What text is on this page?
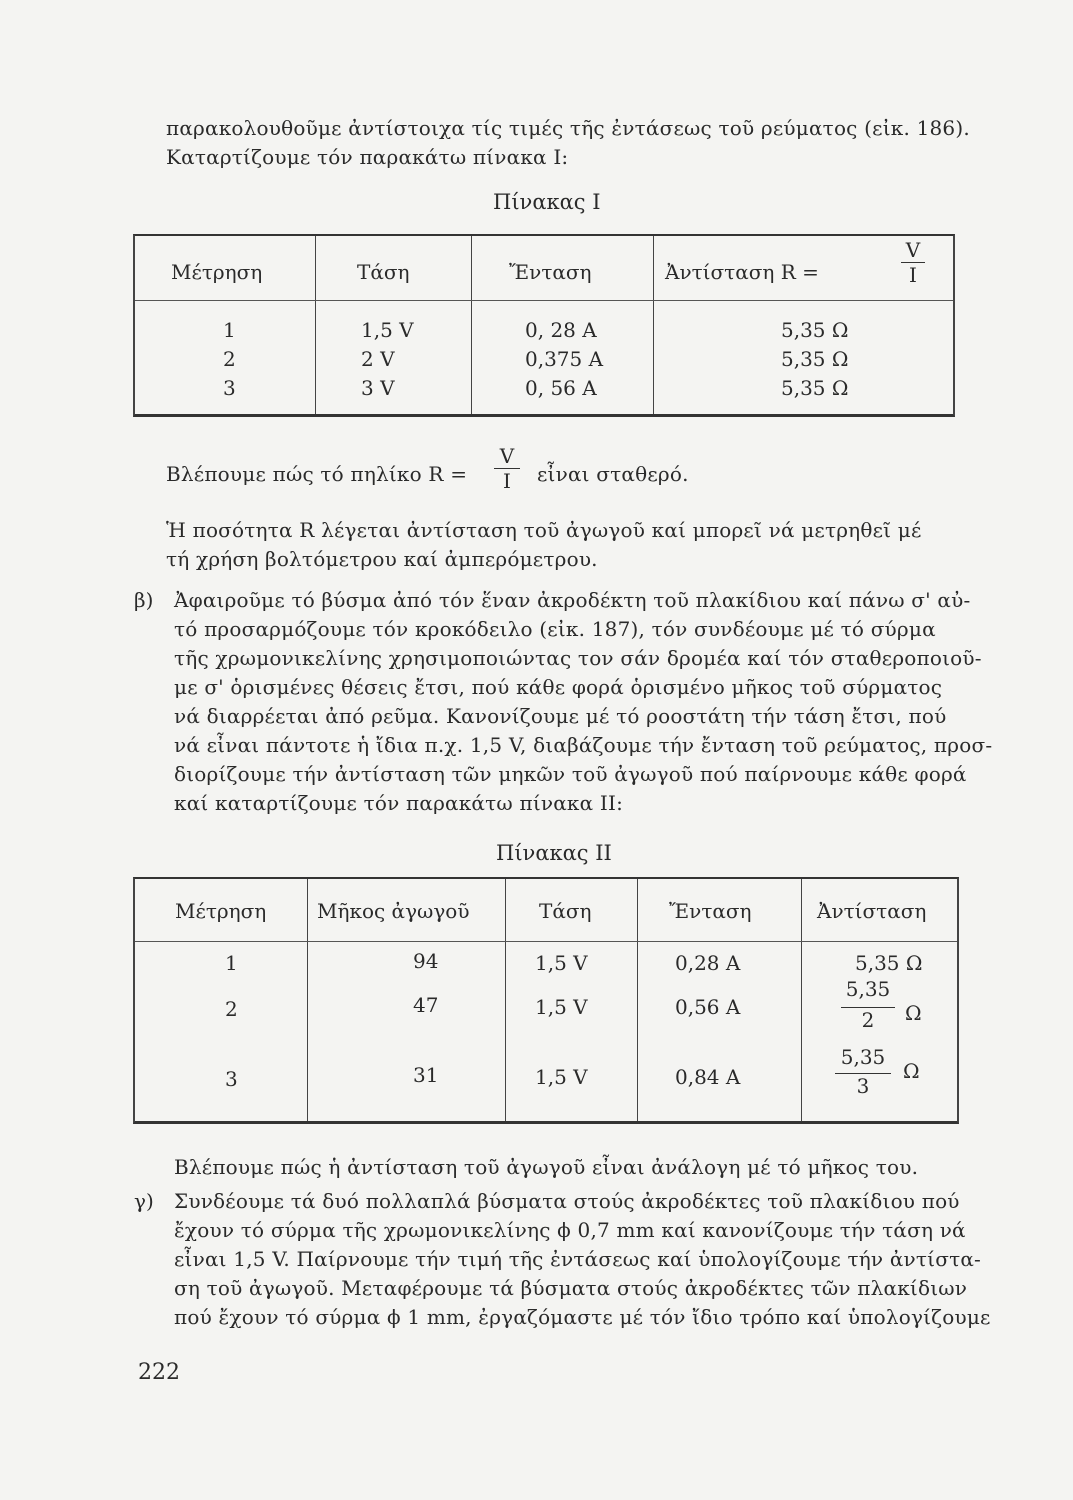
παρακολουθοῦμε ἀντίστοιχα τίς τιμές τῆς ἐντάσεως τοῦ ρεύματος (εἰκ. 186).
Καταρτίζουμε τόν παρακάτω πίνακα Ι:
Πίνακας Ι
Μέτρηση	Τάση	Ἔνταση	Ἀντίσταση R =	$\frac{V}{I}$
1	1,5 V	0, 28 A	5,35 Ω
2	2 V	0,375 A	5,35 Ω
3	3 V	0, 56 A	5,35 Ω
Βλέπουμε πώς τό πηλίκο $R = \frac{V}{I}$ εἶναι σταθερό.
Ἡ ποσότητα R λέγεται ἀντίσταση τοῦ ἀγωγοῦ καί μπορεῖ νά μετρηθεῖ μέ
τή χρήση βολτόμετρου καί ἀμπερόμετρου.
β) Ἀφαιροῦμε τό βύσμα ἀπό τόν ἕναν ἀκροδέκτη τοῦ πλακίδιου καί πάνω σ' αὐ-
τό προσαρμόζουμε τόν κροκόδειλο (εἰκ. 187), τόν συνδέουμε μέ τό σύρμα
τῆς χρωμονικελίνης χρησιμοποιώντας τον σάν δρομέα καί τόν σταθεροποιοῦ-
με σ' ὁρισμένες θέσεις ἔτσι, πού κάθε φορά ὁρισμένο μῆκος τοῦ σύρματος
νά διαρρέεται ἀπό ρεῦμα. Κανονίζουμε μέ τό ροοστάτη τήν τάση ἔτσι, πού
νά εἶναι πάντοτε ἡ ἴδια π.χ. 1,5 V, διαβάζουμε τήν ἔνταση τοῦ ρεύματος, προσ-
διορίζουμε τήν ἀντίσταση τῶν μηκῶν τοῦ ἀγωγοῦ πού παίρνουμε κάθε φορά
καί καταρτίζουμε τόν παρακάτω πίνακα ΙΙ:
Πίνακας ΙΙ
Μέτρηση	Μῆκος ἀγωγοῦ	Τάση	Ἔνταση	Ἀντίσταση
1	94	1,5 V	0,28 A	5,35 Ω
2	47	1,5 V	0,56 A	$\frac{5,35}{2}$ Ω
3	31	1,5 V	0,84 A	$\frac{5,35}{3}$ Ω
Βλέπουμε πώς ἡ ἀντίσταση τοῦ ἀγωγοῦ εἶναι ἀνάλογη μέ τό μῆκος του.
γ) Συνδέουμε τά δυό πολλαπλά βύσματα στούς ἀκροδέκτες τοῦ πλακίδιου πού
ἔχουν τό σύρμα τῆς χρωμονικελίνης ϕ 0,7 mm καί κανονίζουμε τήν τάση νά
εἶναι 1,5 V. Παίρνουμε τήν τιμή τῆς ἐντάσεως καί ὑπολογίζουμε τήν ἀντίστα-
ση τοῦ ἀγωγοῦ. Μεταφέρουμε τά βύσματα στούς ἀκροδέκτες τῶν πλακίδιων
πού ἔχουν τό σύρμα ϕ 1 mm, ἐργαζόμαστε μέ τόν ἴδιο τρόπο καί ὑπολογίζουμε
222
